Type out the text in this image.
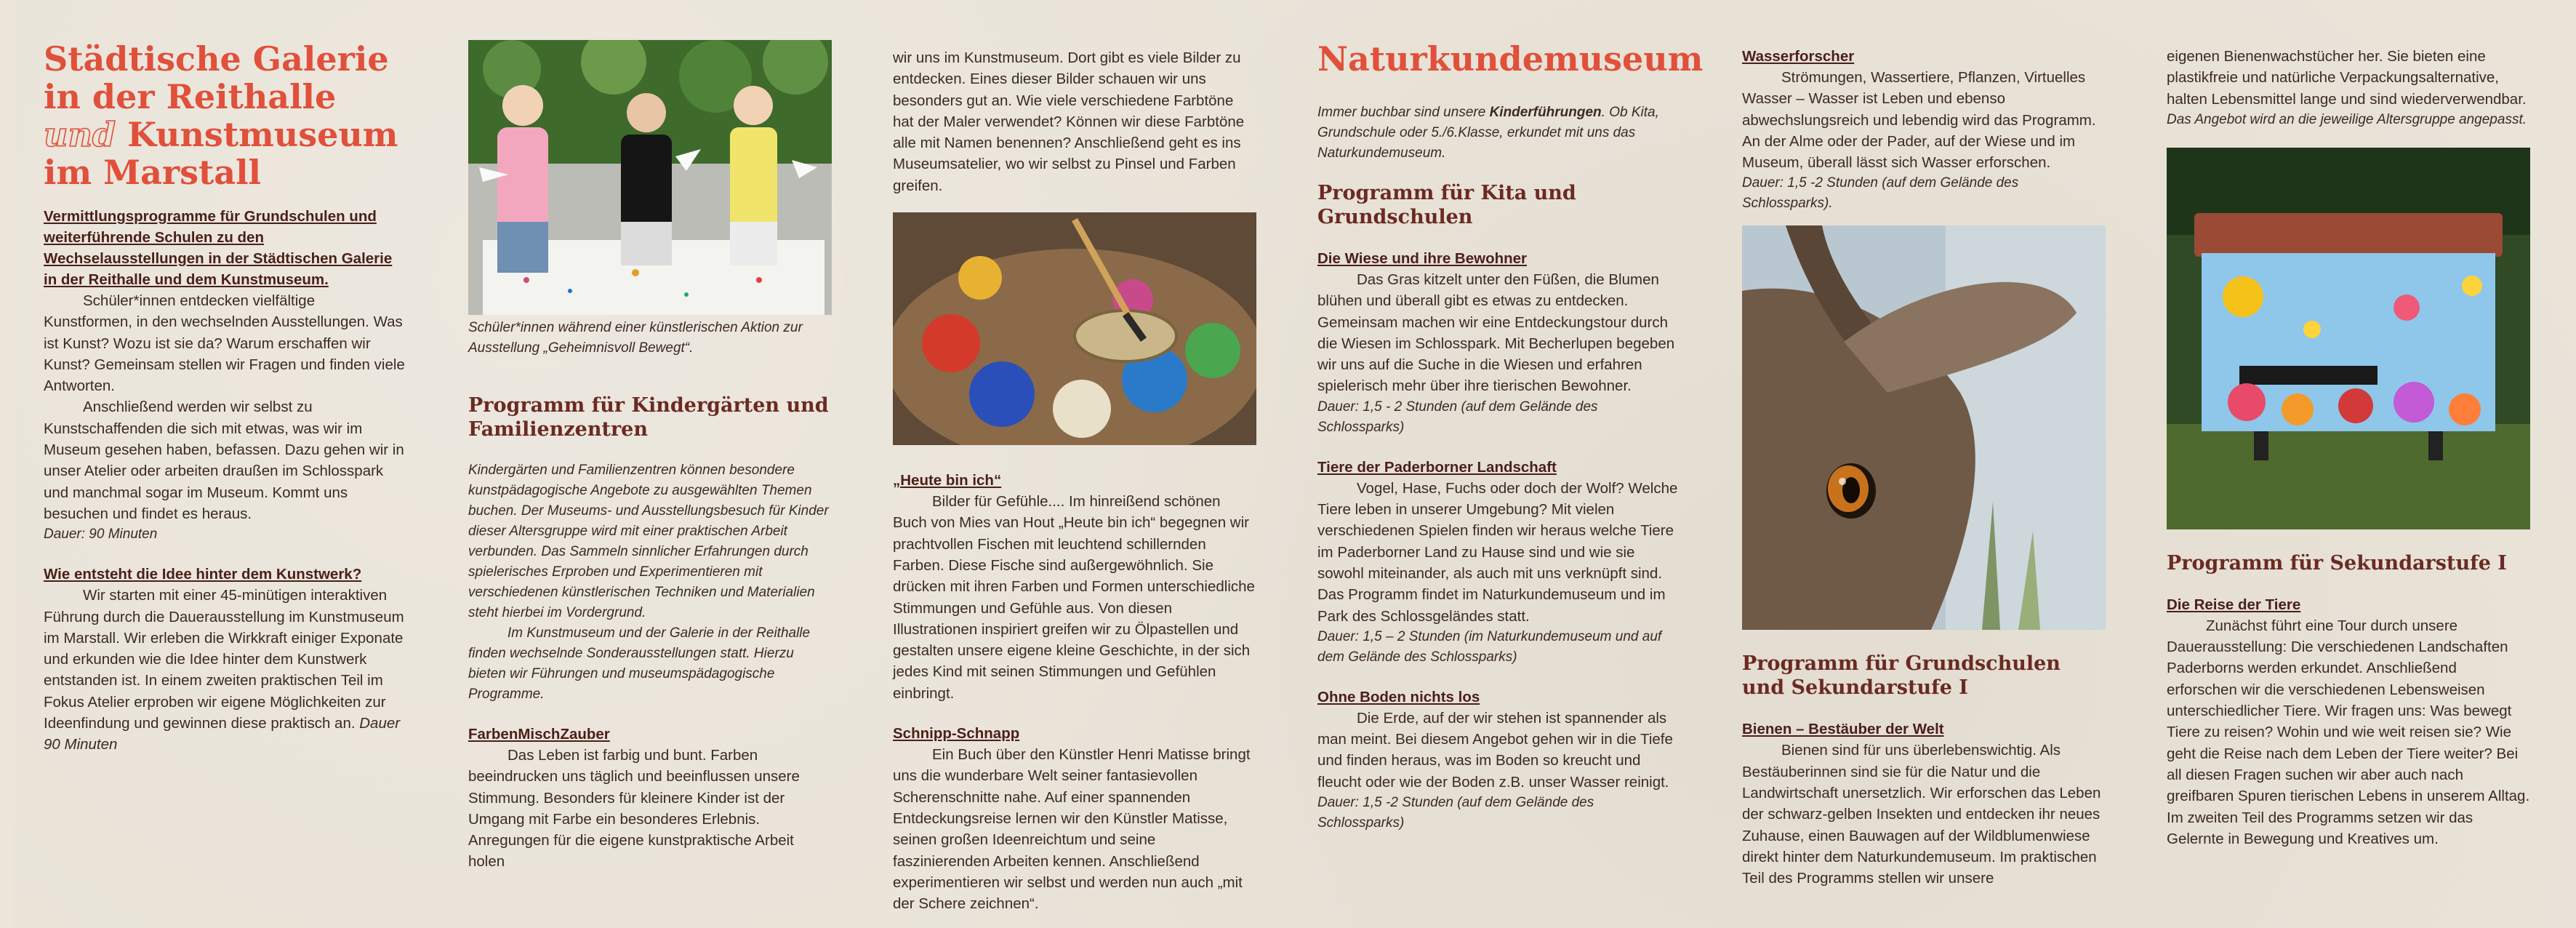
Städtische Galerie
in der Reithalle
und Kunstmuseum
im Marstall

Vermittlungsprogramme für Grundschulen und weiterführende Schulen zu den Wechselausstellungen in der Städtischen Galerie in der Reithalle und dem Kunstmuseum.

Schüler*innen entdecken vielfältige Kunstformen, in den wechselnden Ausstellungen. Was ist Kunst? Wozu ist sie da? Warum erschaffen wir Kunst? Gemeinsam stellen wir Fragen und finden viele Antworten.

Anschließend werden wir selbst zu Kunstschaffenden die sich mit etwas, was wir im Museum gesehen haben, befassen. Dazu gehen wir in unser Atelier oder arbeiten draußen im Schlosspark und manchmal sogar im Museum. Kommt uns besuchen und findet es heraus.

Dauer: 90 Minuten

Wie entsteht die Idee hinter dem Kunstwerk?

Wir starten mit einer 45-minütigen interaktiven Führung durch die Dauerausstellung im Kunstmuseum im Marstall. Wir erleben die Wirkkraft einiger Exponate und erkunden wie die Idee hinter dem Kunstwerk entstanden ist. In einem zweiten praktischen Teil im Fokus Atelier erproben wir eigene Möglichkeiten zur Ideenfindung und gewinnen diese praktisch an. Dauer 90 Minuten

Schüler*innen während einer künstlerischen Aktion zur Ausstellung „Geheimnisvoll Bewegt“.

Programm für Kindergärten und Familienzentren

Kindergärten und Familienzentren können besondere kunstpädagogische Angebote zu ausgewählten Themen buchen. Der Museums- und Ausstellungsbesuch für Kinder dieser Altersgruppe wird mit einer praktischen Arbeit verbunden. Das Sammeln sinnlicher Erfahrungen durch spielerisches Erproben und Experimentieren mit verschiedenen künstlerischen Techniken und Materialien steht hierbei im Vordergrund.

Im Kunstmuseum und der Galerie in der Reithalle finden wechselnde Sonderausstellungen statt. Hierzu bieten wir Führungen und museumspädagogische Programme.

FarbenMischZauber

Das Leben ist farbig und bunt. Farben beeindrucken uns täglich und beeinflussen unsere Stimmung. Besonders für kleinere Kinder ist der Umgang mit Farbe ein besonderes Erlebnis. Anregungen für die eigene kunstpraktische Arbeit holen

wir uns im Kunstmuseum. Dort gibt es viele Bilder zu entdecken. Eines dieser Bilder schauen wir uns besonders gut an. Wie viele verschiedene Farbtöne hat der Maler verwendet? Können wir diese Farbtöne alle mit Namen benennen? Anschließend geht es ins Museumsatelier, wo wir selbst zu Pinsel und Farben greifen.

„Heute bin ich“

Bilder für Gefühle.... Im hinreißend schönen Buch von Mies van Hout „Heute bin ich“ begegnen wir prachtvollen Fischen mit leuchtend schillernden Farben. Diese Fische sind außergewöhnlich. Sie drücken mit ihren Farben und Formen unterschiedliche Stimmungen und Gefühle aus. Von diesen Illustrationen inspiriert greifen wir zu Ölpastellen und gestalten unsere eigene kleine Geschichte, in der sich jedes Kind mit seinen Stimmungen und Gefühlen einbringt.

Schnipp-Schnapp

Ein Buch über den Künstler Henri Matisse bringt uns die wunderbare Welt seiner fantasievollen Scherenschnitte nahe. Auf einer spannenden Entdeckungsreise lernen wir den Künstler Matisse, seinen großen Ideenreichtum und seine faszinierenden Arbeiten kennen. Anschließend experimentieren wir selbst und werden nun auch „mit der Schere zeichnen“.

Naturkundemuseum

Immer buchbar sind unsere Kinderführungen. Ob Kita, Grundschule oder 5./6.Klasse, erkundet mit uns das Naturkundemuseum.

Programm für Kita und Grundschulen

Die Wiese und ihre Bewohner

Das Gras kitzelt unter den Füßen, die Blumen blühen und überall gibt es etwas zu entdecken. Gemeinsam machen wir eine Entdeckungstour durch die Wiesen im Schlosspark. Mit Becherlupen begeben wir uns auf die Suche in die Wiesen und erfahren spielerisch mehr über ihre tierischen Bewohner.

Dauer: 1,5 - 2 Stunden (auf dem Gelände des Schlossparks)

Tiere der Paderborner Landschaft

Vogel, Hase, Fuchs oder doch der Wolf? Welche Tiere leben in unserer Umgebung? Mit vielen verschiedenen Spielen finden wir heraus welche Tiere im Paderborner Land zu Hause sind und wie sie sowohl miteinander, als auch mit uns verknüpft sind. Das Programm findet im Naturkundemuseum und im Park des Schlossgeländes statt.

Dauer: 1,5 – 2 Stunden (im Naturkundemuseum und auf dem Gelände des Schlossparks)

Ohne Boden nichts los

Die Erde, auf der wir stehen ist spannender als man meint. Bei diesem Angebot gehen wir in die Tiefe und finden heraus, was im Boden so kreucht und fleucht oder wie der Boden z.B. unser Wasser reinigt.

Dauer: 1,5 -2 Stunden (auf dem Gelände des Schlossparks)

Wasserforscher

Strömungen, Wassertiere, Pflanzen, Virtuelles Wasser – Wasser ist Leben und ebenso abwechslungsreich und lebendig wird das Programm. An der Alme oder der Pader, auf der Wiese und im Museum, überall lässt sich Wasser erforschen.

Dauer: 1,5 -2 Stunden (auf dem Gelände des Schlossparks).

Programm für Grundschulen und Sekundarstufe I

Bienen – Bestäuber der Welt

Bienen sind für uns überlebenswichtig. Als Bestäuberinnen sind sie für die Natur und die Landwirtschaft unersetzlich. Wir erforschen das Leben der schwarz-gelben Insekten und entdecken ihr neues Zuhause, einen Bauwagen auf der Wildblumenwiese direkt hinter dem Naturkundemuseum. Im praktischen Teil des Programms stellen wir unsere

eigenen Bienenwachstücher her. Sie bieten eine plastikfreie und natürliche Verpackungsalternative, halten Lebensmittel lange und sind wiederverwendbar.

Das Angebot wird an die jeweilige Altersgruppe angepasst.

Programm für Sekundarstufe I

Die Reise der Tiere

Zunächst führt eine Tour durch unsere Dauerausstellung: Die verschiedenen Landschaften Paderborns werden erkundet. Anschließend erforschen wir die verschiedenen Lebensweisen unterschiedlicher Tiere. Wir fragen uns: Was bewegt Tiere zu reisen? Wohin und wie weit reisen sie? Wie geht die Reise nach dem Leben der Tiere weiter? Bei all diesen Fragen suchen wir aber auch nach greifbaren Spuren tierischen Lebens in unserem Alltag. Im zweiten Teil des Programms setzen wir das Gelernte in Bewegung und Kreatives um.
